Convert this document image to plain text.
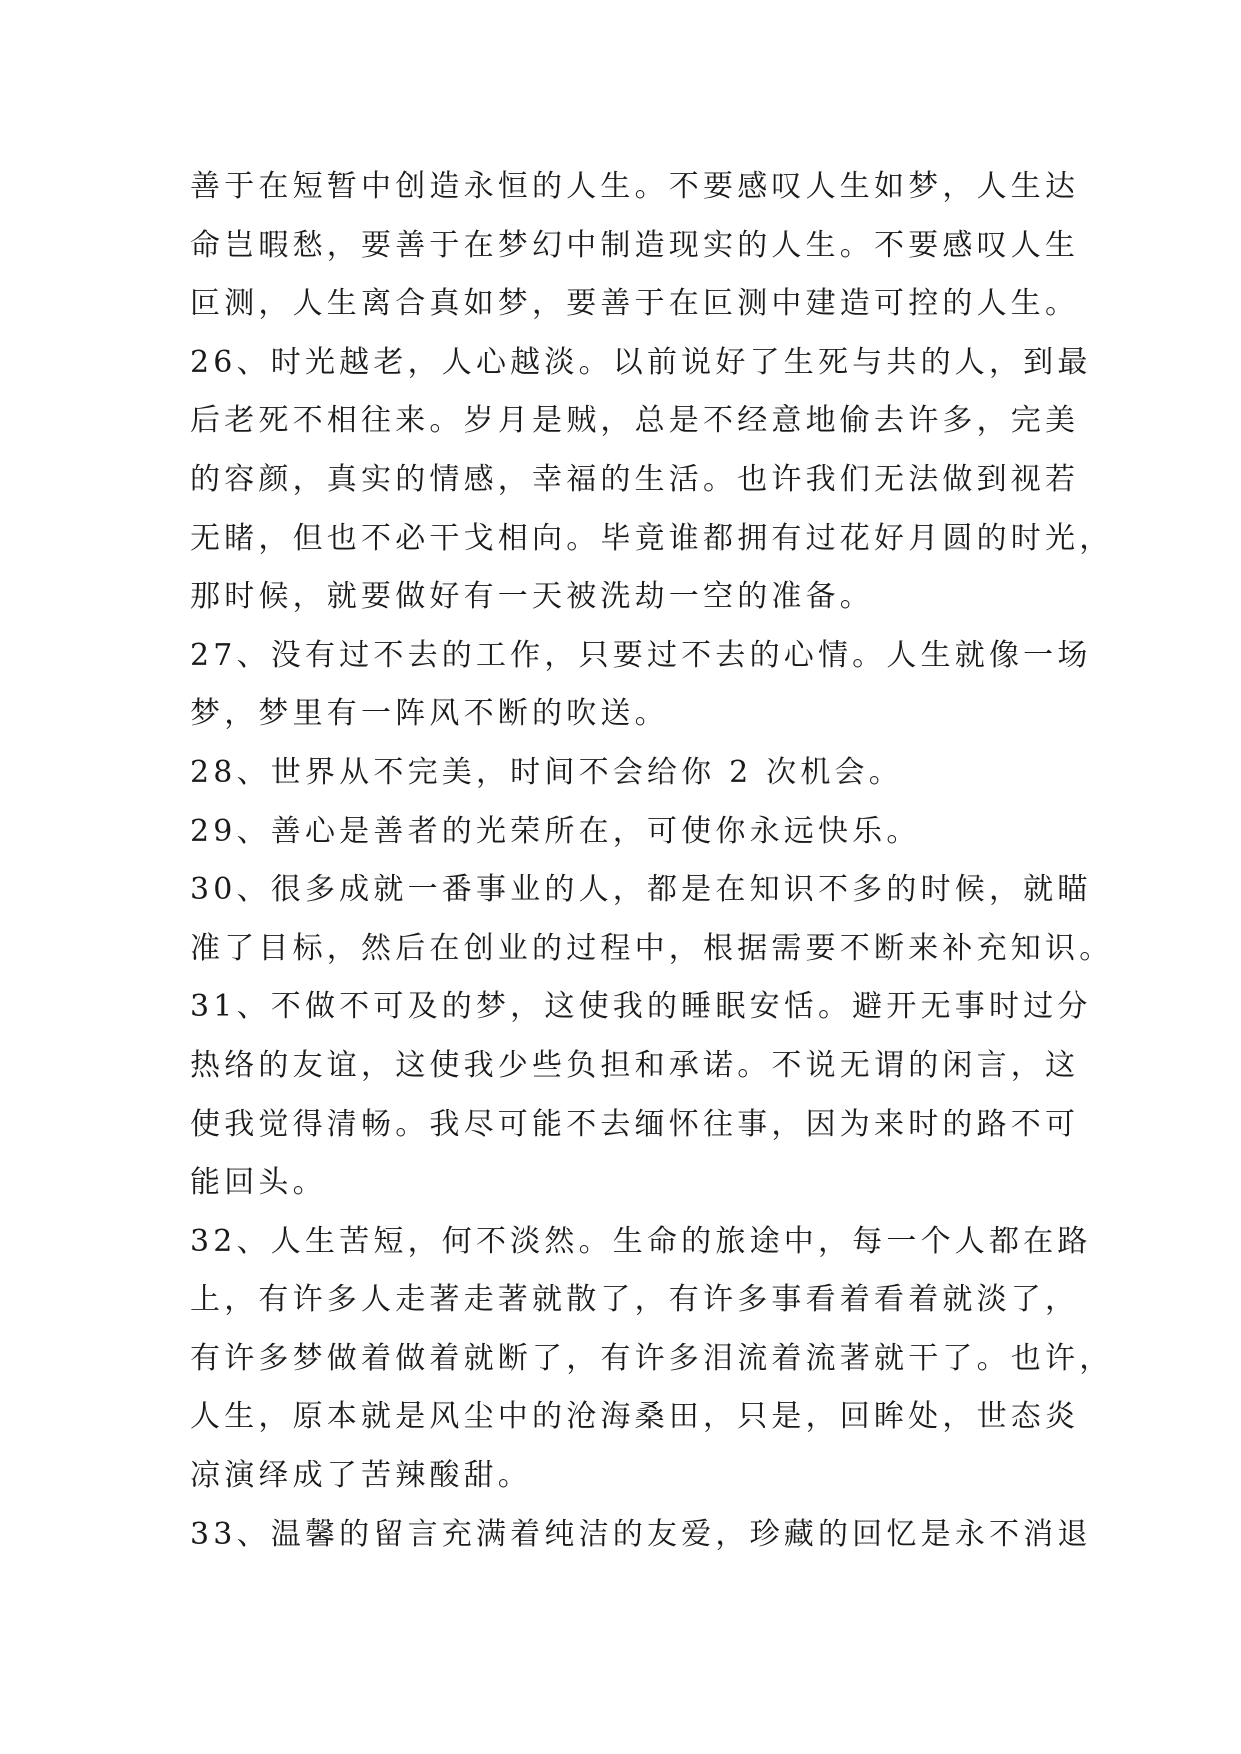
善于在短暂中创造永恒的人生。不要感叹人生如梦，人生达
命岂暇愁，要善于在梦幻中制造现实的人生。不要感叹人生
叵测，人生离合真如梦，要善于在叵测中建造可控的人生。
26、时光越老，人心越淡。以前说好了生死与共的人，到最
后老死不相往来。岁月是贼，总是不经意地偷去许多，完美
的容颜，真实的情感，幸福的生活。也许我们无法做到视若
无睹，但也不必干戈相向。毕竟谁都拥有过花好月圆的时光，
那时候，就要做好有一天被洗劫一空的准备。
27、没有过不去的工作，只要过不去的心情。人生就像一场
梦，梦里有一阵风不断的吹送。
28、世界从不完美，时间不会给你 2 次机会。
29、善心是善者的光荣所在，可使你永远快乐。
30、很多成就一番事业的人，都是在知识不多的时候，就瞄
准了目标，然后在创业的过程中，根据需要不断来补充知识。
31、不做不可及的梦，这使我的睡眠安恬。避开无事时过分
热络的友谊，这使我少些负担和承诺。不说无谓的闲言，这
使我觉得清畅。我尽可能不去缅怀往事，因为来时的路不可
能回头。
32、人生苦短，何不淡然。生命的旅途中，每一个人都在路
上，有许多人走著走著就散了，有许多事看着看着就淡了，
有许多梦做着做着就断了，有许多泪流着流著就干了。也许，
人生，原本就是风尘中的沧海桑田，只是，回眸处，世态炎
凉演绎成了苦辣酸甜。
33、温馨的留言充满着纯洁的友爱，珍藏的回忆是永不消退
